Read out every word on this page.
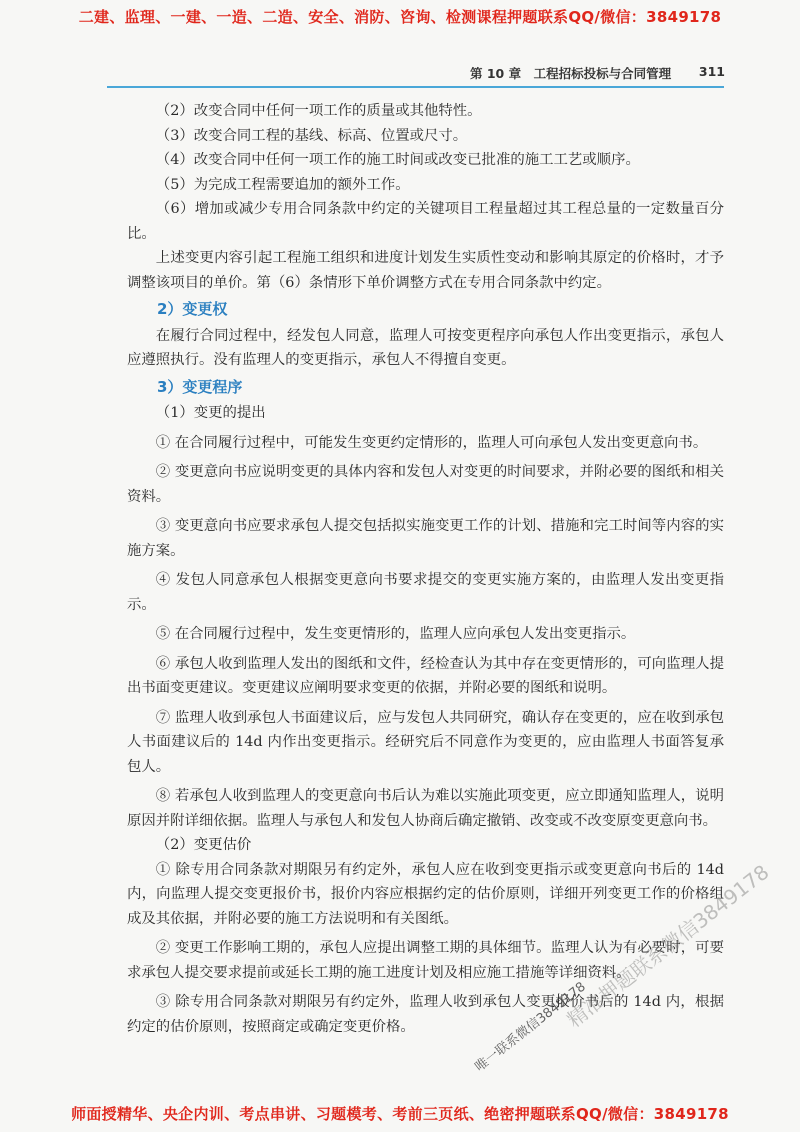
二建、监理、一建、一造、二造、安全、消防、咨询、检测课程押题联系QQ/微信：3849178
第 10 章　工程招标投标与合同管理 311

（2）改变合同中任何一项工作的质量或其他特性。

（3）改变合同工程的基线、标高、位置或尺寸。

（4）改变合同中任何一项工作的施工时间或改变已批准的施工工艺或顺序。

（5）为完成工程需要追加的额外工作。

（6）增加或减少专用合同条款中约定的关键项目工程量超过其工程总量的一定数量百分比。

上述变更内容引起工程施工组织和进度计划发生实质性变动和影响其原定的价格时，才予调整该项目的单价。第（6）条情形下单价调整方式在专用合同条款中约定。

2）变更权

在履行合同过程中，经发包人同意，监理人可按变更程序向承包人作出变更指示，承包人应遵照执行。没有监理人的变更指示，承包人不得擅自变更。

3）变更程序

（1）变更的提出

① 在合同履行过程中，可能发生变更约定情形的，监理人可向承包人发出变更意向书。

② 变更意向书应说明变更的具体内容和发包人对变更的时间要求，并附必要的图纸和相关资料。

③ 变更意向书应要求承包人提交包括拟实施变更工作的计划、措施和完工时间等内容的实施方案。

④ 发包人同意承包人根据变更意向书要求提交的变更实施方案的，由监理人发出变更指示。

⑤ 在合同履行过程中，发生变更情形的，监理人应向承包人发出变更指示。

⑥ 承包人收到监理人发出的图纸和文件，经检查认为其中存在变更情形的，可向监理人提出书面变更建议。变更建议应阐明要求变更的依据，并附必要的图纸和说明。

⑦ 监理人收到承包人书面建议后，应与发包人共同研究，确认存在变更的，应在收到承包人书面建议后的 14d 内作出变更指示。经研究后不同意作为变更的，应由监理人书面答复承包人。

⑧ 若承包人收到监理人的变更意向书后认为难以实施此项变更，应立即通知监理人，说明原因并附详细依据。监理人与承包人和发包人协商后确定撤销、改变或不改变原变更意向书。

（2）变更估价

① 除专用合同条款对期限另有约定外，承包人应在收到变更指示或变更意向书后的 14d 内，向监理人提交变更报价书，报价内容应根据约定的估价原则，详细开列变更工作的价格组成及其依据，并附必要的施工方法说明和有关图纸。

② 变更工作影响工期的，承包人应提出调整工期的具体细节。监理人认为有必要时，可要求承包人提交要求提前或延长工期的施工进度计划及相应施工措施等详细资料。

③ 除专用合同条款对期限另有约定外，监理人收到承包人变更报价书后的 14d 内，根据约定的估价原则，按照商定或确定变更价格。	精准押题联系微信3849178
唯一联系微信3849178
师面授精华、央企内训、考点串讲、习题模考、考前三页纸、绝密押题联系QQ/微信：3849178
